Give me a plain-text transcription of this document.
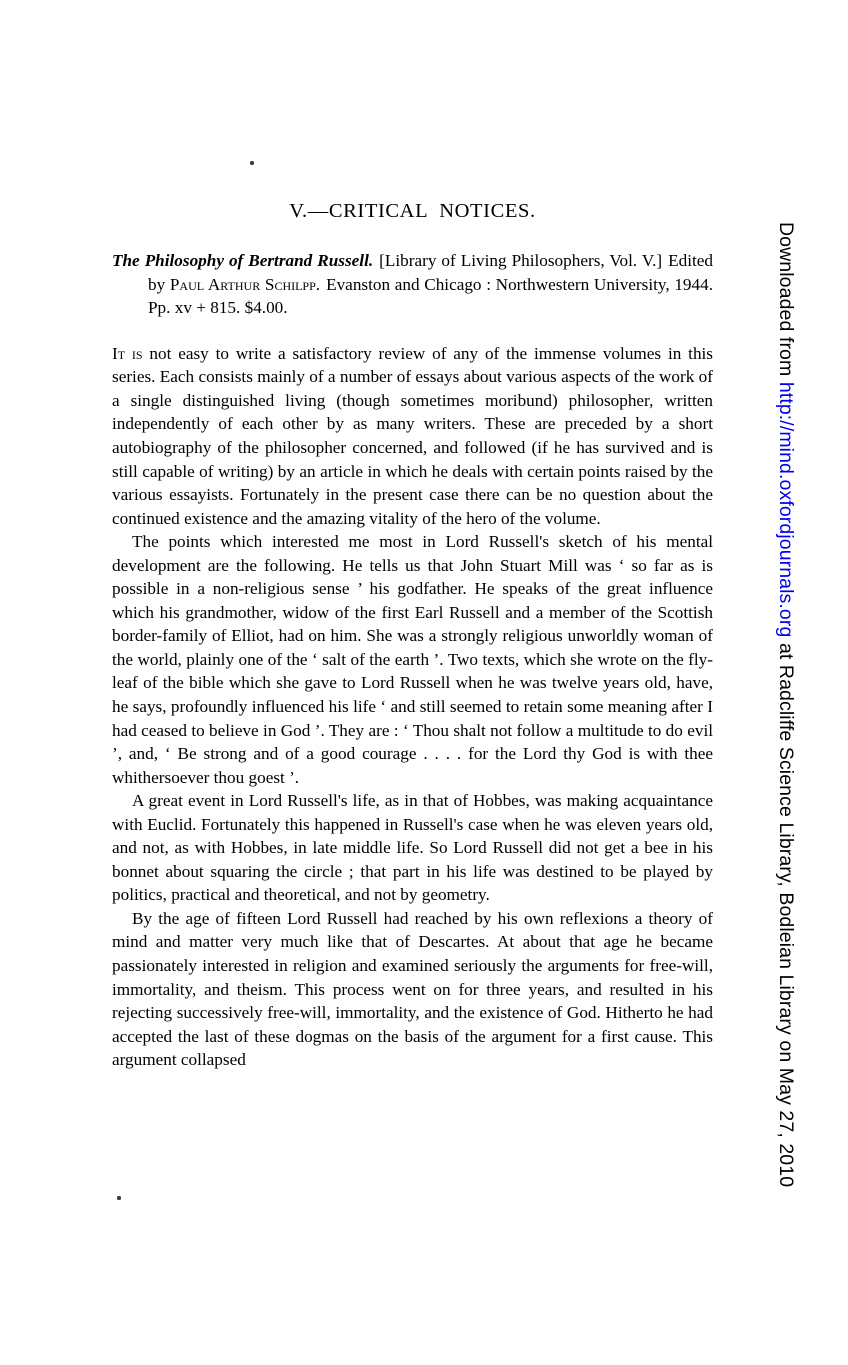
V.—CRITICAL NOTICES.

The Philosophy of Bertrand Russell. [Library of Living Philosophers, Vol. V.] Edited by Paul Arthur Schilpp. Evanston and Chicago : Northwestern University, 1944. Pp. xv + 815. $4.00.

It is not easy to write a satisfactory review of any of the immense volumes in this series. Each consists mainly of a number of essays about various aspects of the work of a single distinguished living (though sometimes moribund) philosopher, written independently of each other by as many writers. These are preceded by a short autobiography of the philosopher concerned, and followed (if he has survived and is still capable of writing) by an article in which he deals with certain points raised by the various essayists. Fortunately in the present case there can be no question about the continued existence and the amazing vitality of the hero of the volume.

The points which interested me most in Lord Russell's sketch of his mental development are the following. He tells us that John Stuart Mill was ‘ so far as is possible in a non-religious sense ’ his godfather. He speaks of the great influence which his grandmother, widow of the first Earl Russell and a member of the Scottish border-family of Elliot, had on him. She was a strongly religious unworldly woman of the world, plainly one of the ‘ salt of the earth ’. Two texts, which she wrote on the fly-leaf of the bible which she gave to Lord Russell when he was twelve years old, have, he says, profoundly influenced his life ‘ and still seemed to retain some meaning after I had ceased to believe in God ’. They are : ‘ Thou shalt not follow a multitude to do evil ’, and, ‘ Be strong and of a good courage . . . . for the Lord thy God is with thee whithersoever thou goest ’.

A great event in Lord Russell's life, as in that of Hobbes, was making acquaintance with Euclid. Fortunately this happened in Russell's case when he was eleven years old, and not, as with Hobbes, in late middle life. So Lord Russell did not get a bee in his bonnet about squaring the circle ; that part in his life was destined to be played by politics, practical and theoretical, and not by geometry.

By the age of fifteen Lord Russell had reached by his own reflexions a theory of mind and matter very much like that of Descartes. At about that age he became passionately interested in religion and examined seriously the arguments for free-will, immortality, and theism. This process went on for three years, and resulted in his rejecting successively free-will, immortality, and the existence of God. Hitherto he had accepted the last of these dogmas on the basis of the argument for a first cause. This argument collapsed

Downloaded from http://mind.oxfordjournals.org at Radcliffe Science Library, Bodleian Library on May 27, 2010
